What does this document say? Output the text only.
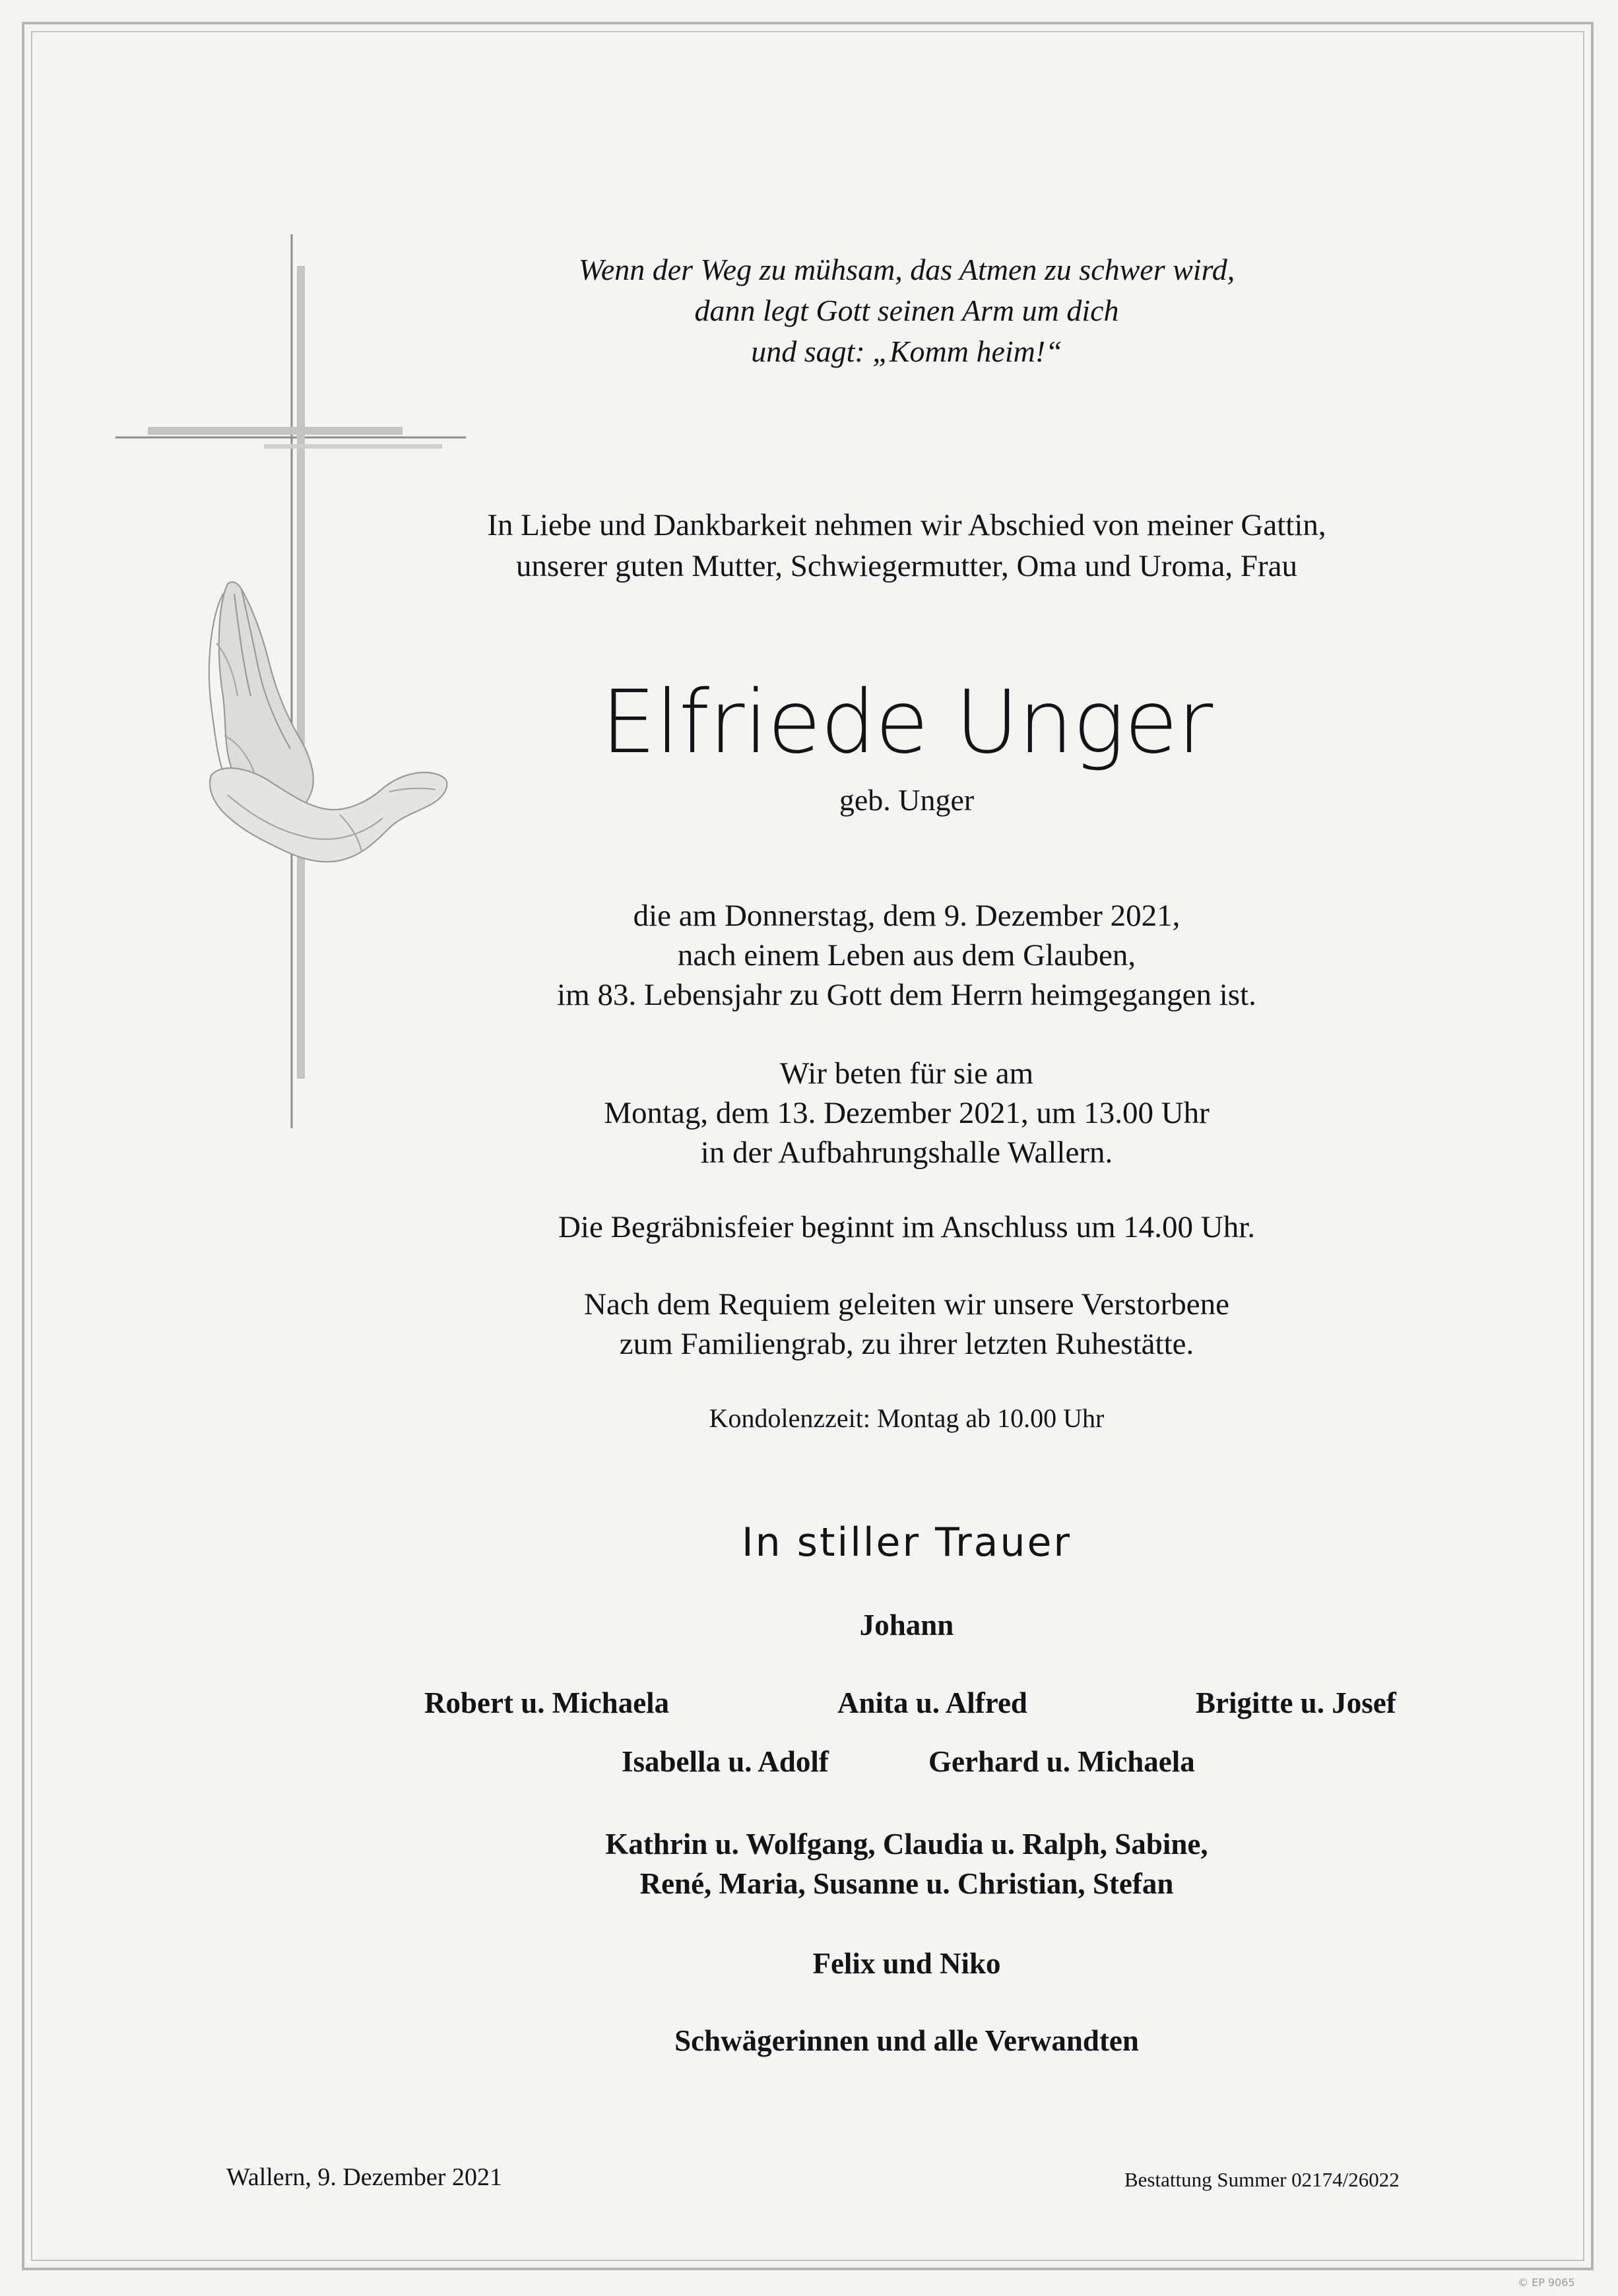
Wenn der Weg zu mühsam, das Atmen zu schwer wird,
dann legt Gott seinen Arm um dich
und sagt: „Komm heim!“
In Liebe und Dankbarkeit nehmen wir Abschied von meiner Gattin,
unserer guten Mutter, Schwiegermutter, Oma und Uroma, Frau
Elfriede Unger
geb. Unger
die am Donnerstag, dem 9. Dezember 2021,
nach einem Leben aus dem Glauben,
im 83. Lebensjahr zu Gott dem Herrn heimgegangen ist.
Wir beten für sie am
Montag, dem 13. Dezember 2021, um 13.00 Uhr
in der Aufbahrungshalle Wallern.
Die Begräbnisfeier beginnt im Anschluss um 14.00 Uhr.
Nach dem Requiem geleiten wir unsere Verstorbene
zum Familiengrab, zu ihrer letzten Ruhestätte.
Kondolenzzeit: Montag ab 10.00 Uhr
In stiller Trauer
Johann
Robert u. Michaela	Anita u. Alfred	Brigitte u. Josef
Isabella u. Adolf	Gerhard u. Michaela
Kathrin u. Wolfgang, Claudia u. Ralph, Sabine,
René, Maria, Susanne u. Christian, Stefan
Felix und Niko
Schwägerinnen und alle Verwandten
Wallern, 9. Dezember 2021	Bestattung Summer 02174/26022
© EP 9065
